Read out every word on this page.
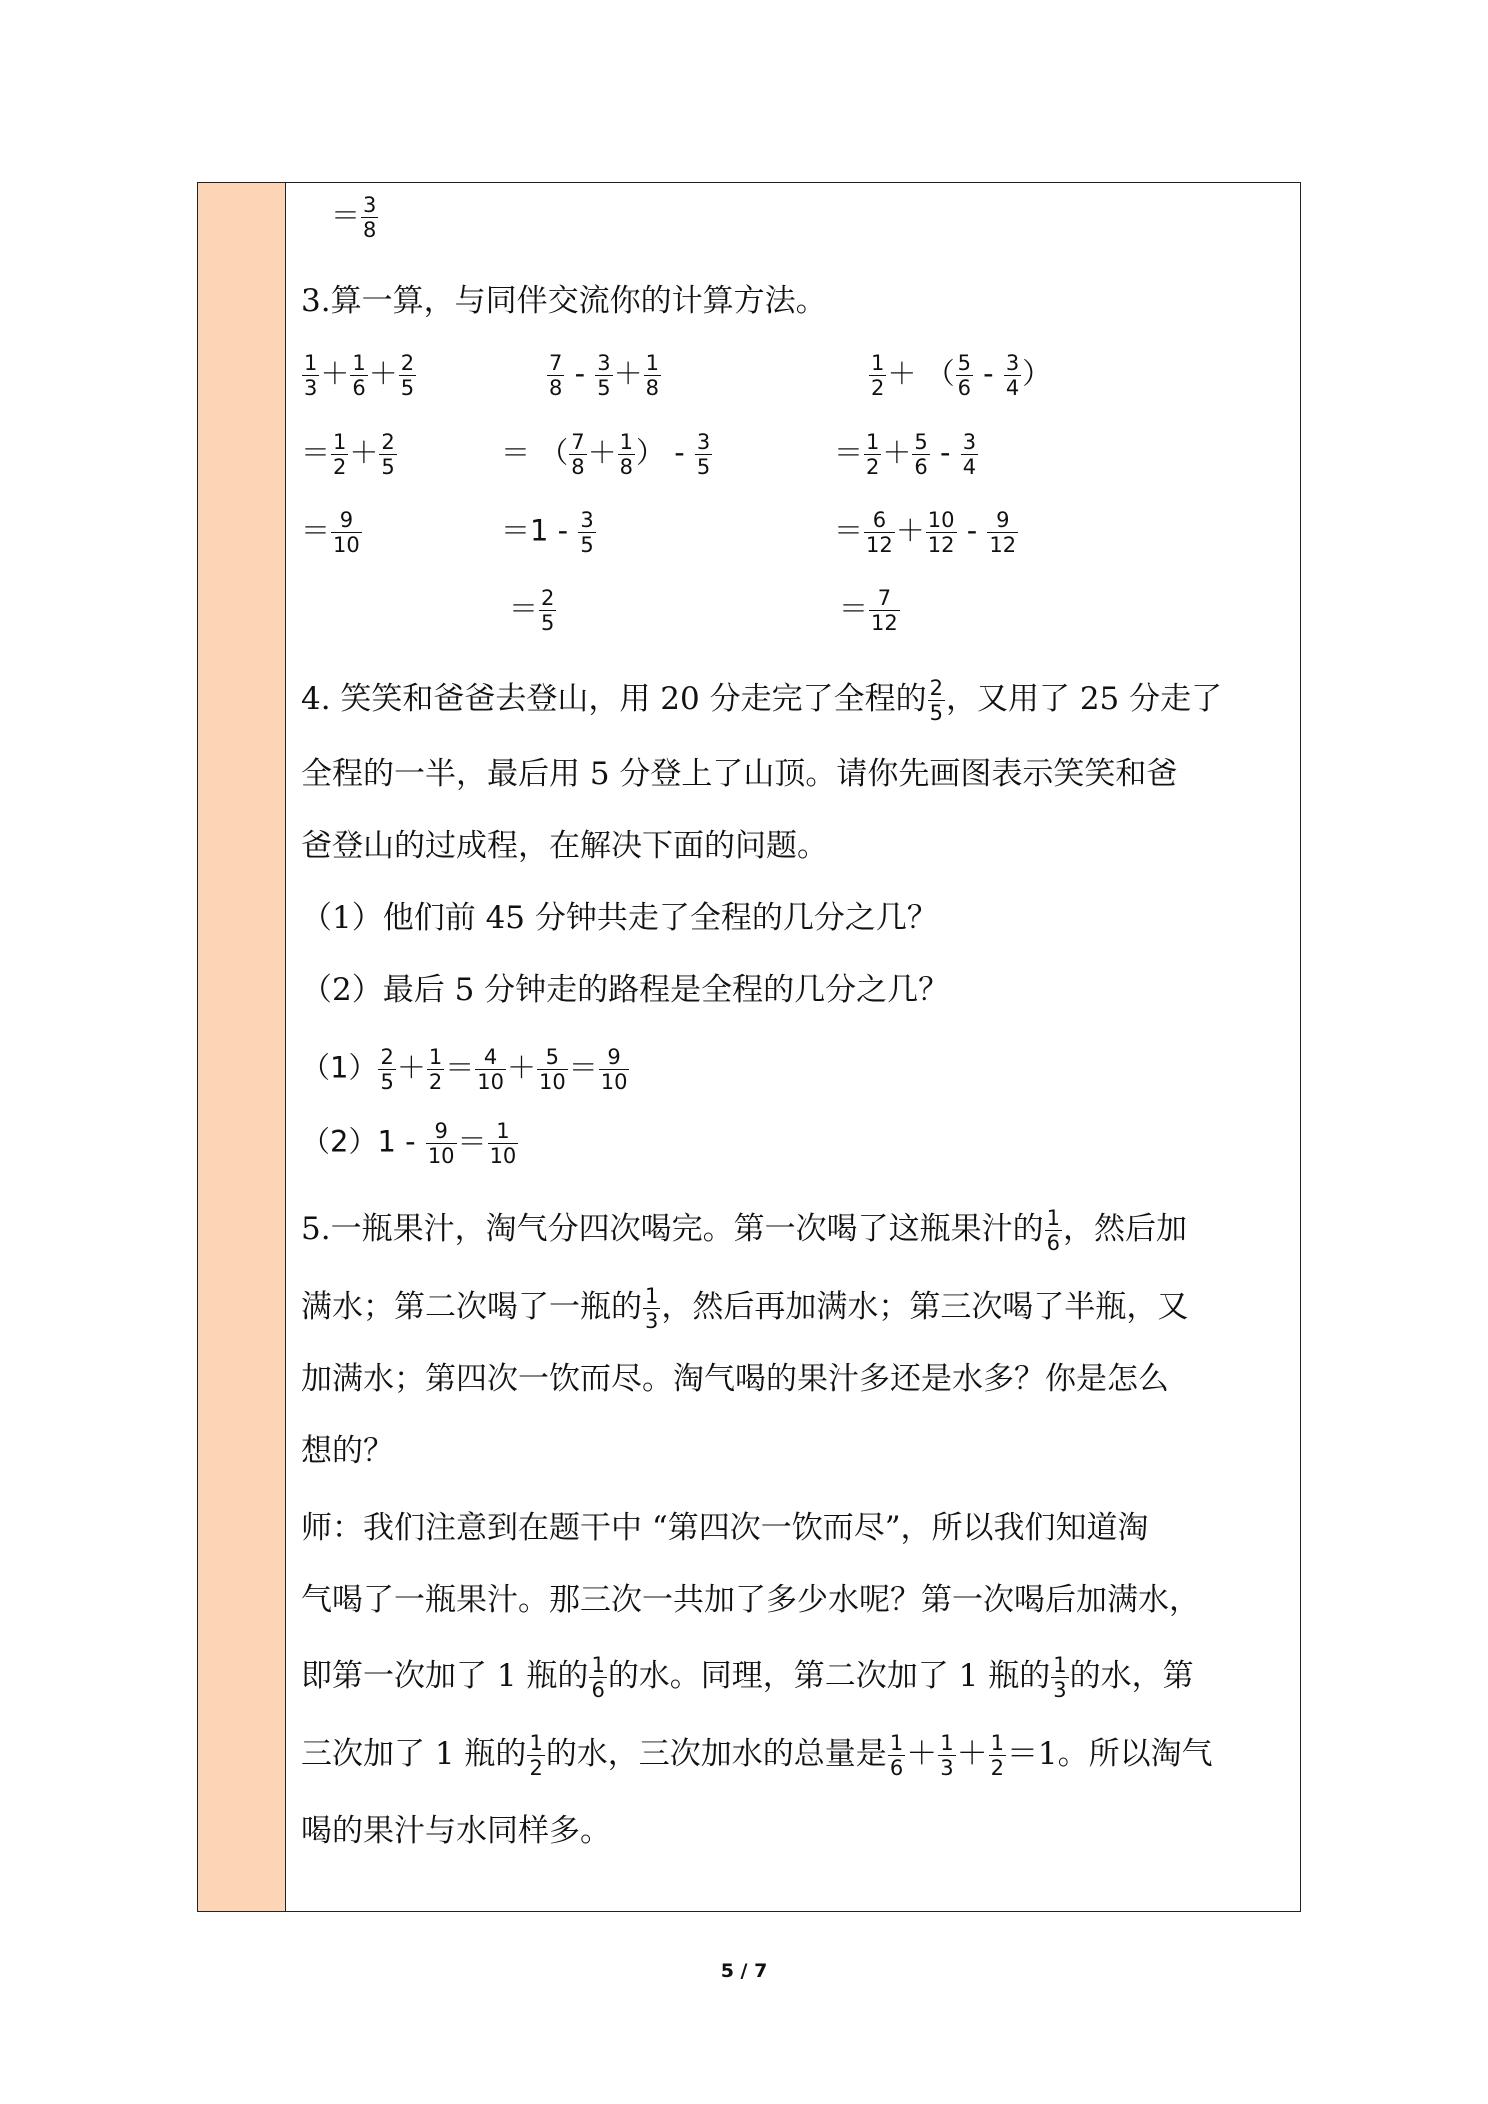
＝ $\frac{3}{8}$
3.算一算，与同伴交流你的计算方法。
$\frac{1}{3} + \frac{1}{6} + \frac{2}{5}$
＝ $\frac{1}{2} + \frac{2}{5}$
＝ $\frac{9}{10}$
$\frac{7}{8} - \frac{3}{5} + \frac{1}{8}$
＝ （ $\frac{7}{8} + \frac{1}{8}$ ） - $\frac{3}{5}$
$=1 - \frac{3}{5}$
＝ $\frac{2}{5}$
$\frac{1}{2}$ ＋ （ $\frac{5}{6} - \frac{3}{4}$ ）
＝ $\frac{1}{2} + \frac{5}{6} - \frac{3}{4}$
＝ $\frac{6}{12} + \frac{10}{12} - \frac{9}{12}$
＝ $\frac{7}{12}$
4. 笑笑和爸爸去登山，用 20 分走完了全程的 $\frac{2}{5}$ ，又用了 25 分走了
全程的一半，最后用 5 分登上了山顶。请你先画图表示笑笑和爸
爸登山的过成程，在解决下面的问题。
（1）他们前 45 分钟共走了全程的几分之几？
（2）最后 5 分钟走的路程是全程的几分之几？
$(1) \frac{2}{5} + \frac{1}{2} = \frac{4}{10} + \frac{5}{10} = \frac{9}{10}$
$(2)1 - \frac{9}{10} = \frac{1}{10}$
5.一瓶果汁，淘气分四次喝完。第一次喝了这瓶果汁的 $\frac{1}{6}$ ，然后加
满水；第二次喝了一瓶的 $\frac{1}{3}$ ，然后再加满水；第三次喝了半瓶，又
加满水；第四次一饮而尽。淘气喝的果汁多还是水多？你是怎么
想的？
师：我们注意到在题干中 “第四次一饮而尽”，所以我们知道淘
气喝了一瓶果汁。那三次一共加了多少水呢？第一次喝后加满水，
即第一次加了 1 瓶的 $\frac{1}{6}$ 的水。同理，第二次加了 1 瓶的 $\frac{1}{3}$ 的水，第
三次加了 1 瓶的 $\frac{1}{2}$ 的水，三次加水的总量是 $\frac{1}{6} + \frac{1}{3} + \frac{1}{2} =1$。所以淘气
喝的果汁与水同样多。
5 / 7
